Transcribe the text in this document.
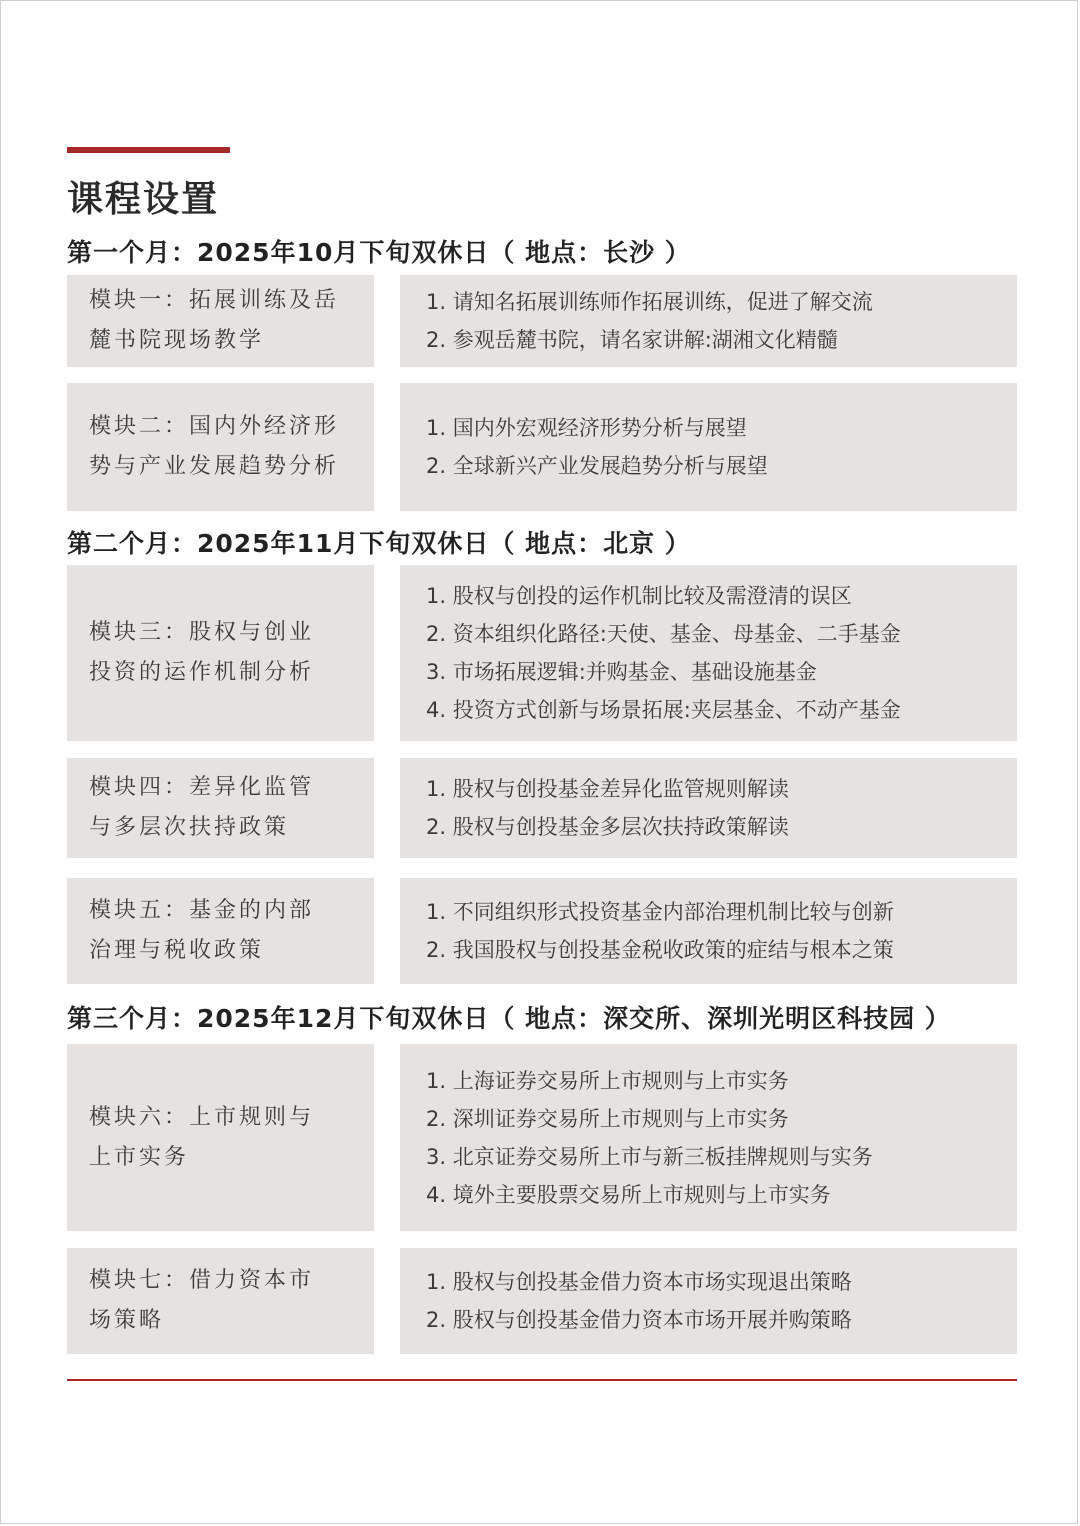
课程设置
第一个月：2025年10月下旬双休日（ 地点：长沙 ）
模块一：拓展训练及岳
麓书院现场教学
1. 请知名拓展训练师作拓展训练，促进了解交流
2. 参观岳麓书院，请名家讲解:湖湘文化精髓
模块二：国内外经济形
势与产业发展趋势分析
1. 国内外宏观经济形势分析与展望
2. 全球新兴产业发展趋势分析与展望
第二个月：2025年11月下旬双休日（ 地点：北京 ）
模块三：股权与创业
投资的运作机制分析
1. 股权与创投的运作机制比较及需澄清的误区
2. 资本组织化路径:天使、基金、母基金、二手基金
3. 市场拓展逻辑:并购基金、基础设施基金
4. 投资方式创新与场景拓展:夹层基金、不动产基金
模块四：差异化监管
与多层次扶持政策
1. 股权与创投基金差异化监管规则解读
2. 股权与创投基金多层次扶持政策解读
模块五：基金的内部
治理与税收政策
1. 不同组织形式投资基金内部治理机制比较与创新
2. 我国股权与创投基金税收政策的症结与根本之策
第三个月：2025年12月下旬双休日（ 地点：深交所、深圳光明区科技园 ）
模块六：上市规则与
上市实务
1. 上海证券交易所上市规则与上市实务
2. 深圳证券交易所上市规则与上市实务
3. 北京证券交易所上市与新三板挂牌规则与实务
4. 境外主要股票交易所上市规则与上市实务
模块七：借力资本市
场策略
1. 股权与创投基金借力资本市场实现退出策略
2. 股权与创投基金借力资本市场开展并购策略
